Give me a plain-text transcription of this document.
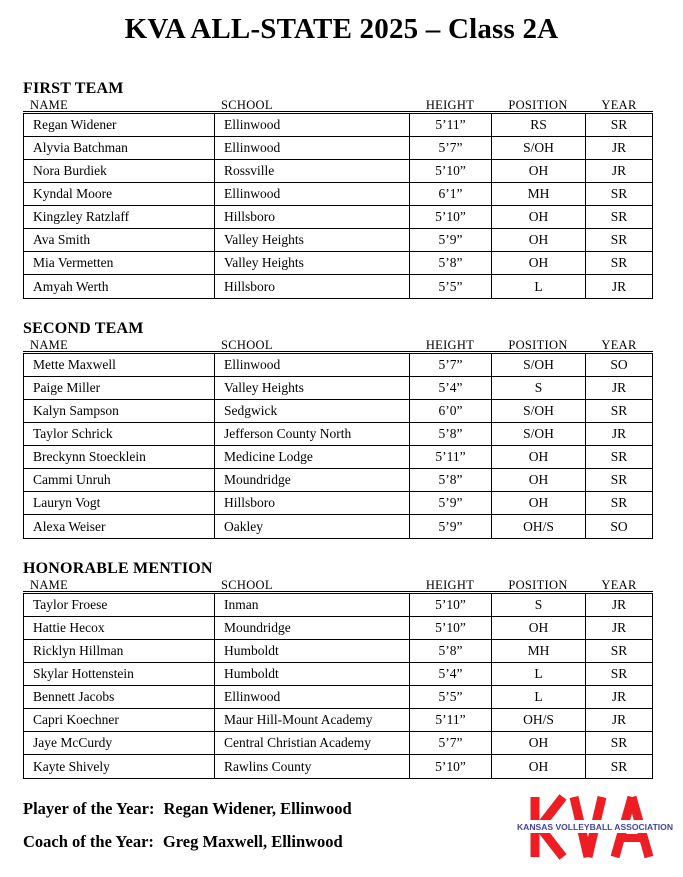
KVA ALL-STATE 2025 – Class 2A
FIRST TEAM
NAME	SCHOOL	HEIGHT	POSITION	YEAR
Regan Widener	Ellinwood	5’11”	RS	SR
Alyvia Batchman	Ellinwood	5’7”	S/OH	JR
Nora Burdiek	Rossville	5’10”	OH	JR
Kyndal Moore	Ellinwood	6’1”	MH	SR
Kingzley Ratzlaff	Hillsboro	5’10”	OH	SR
Ava Smith	Valley Heights	5’9”	OH	SR
Mia Vermetten	Valley Heights	5’8”	OH	SR
Amyah Werth	Hillsboro	5’5”	L	JR
SECOND TEAM
NAME	SCHOOL	HEIGHT	POSITION	YEAR
Mette Maxwell	Ellinwood	5’7”	S/OH	SO
Paige Miller	Valley Heights	5’4”	S	JR
Kalyn Sampson	Sedgwick	6’0”	S/OH	SR
Taylor Schrick	Jefferson County North	5’8”	S/OH	JR
Breckynn Stoecklein	Medicine Lodge	5’11”	OH	SR
Cammi Unruh	Moundridge	5’8”	OH	SR
Lauryn Vogt	Hillsboro	5’9”	OH	SR
Alexa Weiser	Oakley	5’9”	OH/S	SO
HONORABLE MENTION
NAME	SCHOOL	HEIGHT	POSITION	YEAR
Taylor Froese	Inman	5’10”	S	JR
Hattie Hecox	Moundridge	5’10”	OH	JR
Ricklyn Hillman	Humboldt	5’8”	MH	SR
Skylar Hottenstein	Humboldt	5’4”	L	SR
Bennett Jacobs	Ellinwood	5’5”	L	JR
Capri Koechner	Maur Hill-Mount Academy	5’11”	OH/S	JR
Jaye McCurdy	Central Christian Academy	5’7”	OH	SR
Kayte Shively	Rawlins County	5’10”	OH	SR
Player of the Year: Regan Widener, Ellinwood
Coach of the Year: Greg Maxwell, Ellinwood
KANSAS VOLLEYBALL ASSOCIATION
